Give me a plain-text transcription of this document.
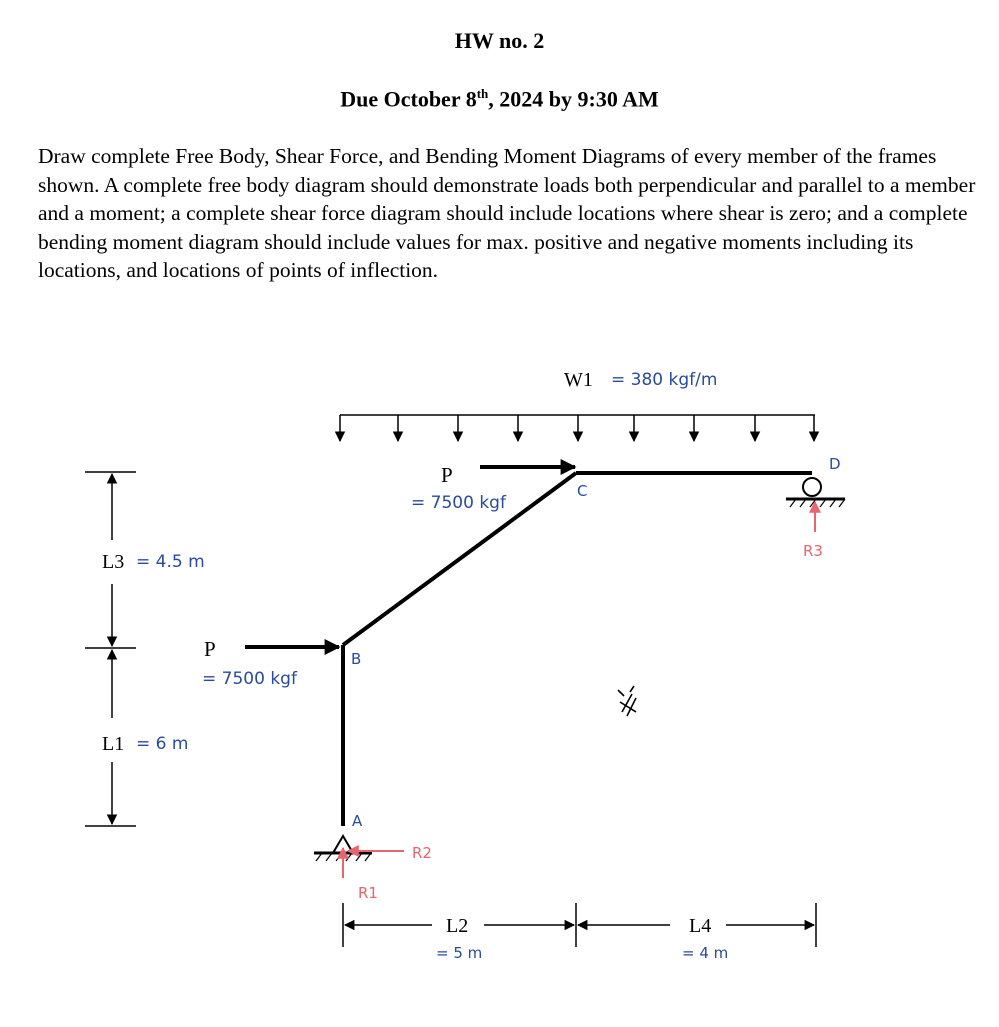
HW no. 2
Due October 8th, 2024 by 9:30 AM
Draw complete Free Body, Shear Force, and Bending Moment Diagrams of every member of the frames shown. A complete free body diagram should demonstrate loads both perpendicular and parallel to a member and a moment; a complete shear force diagram should include locations where shear is zero; and a complete bending moment diagram should include values for max. positive and negative moments including its locations, and locations of points of inflection.
W1 = 380 kgf/m
P
= 7500 kgf
P
= 7500 kgf
B
A
C
D
R1
R2
R3
L3 = 4.5 m
L1 = 6 m
L2
= 5 m
L4
= 4 m
